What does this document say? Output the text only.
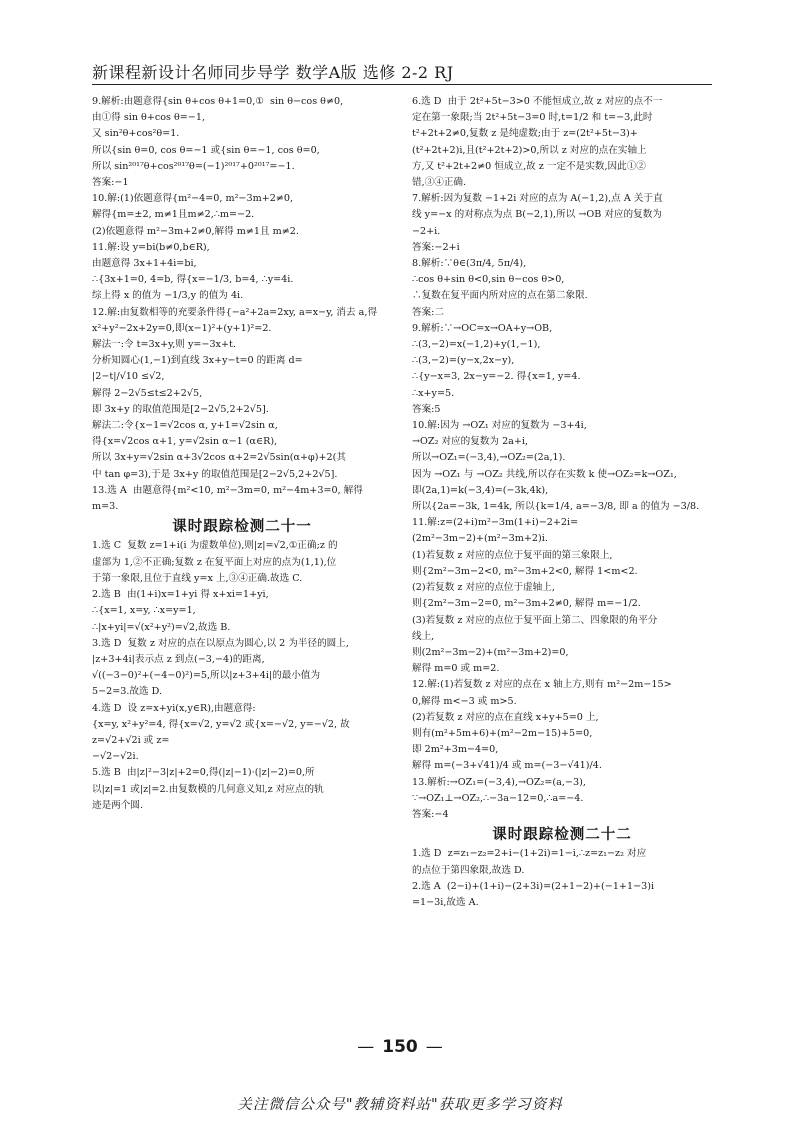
新课程新设计名师同步导学 数学A版 选修 2-2 RJ

9.解析:由题意得{sin θ+cos θ+1=0,①  sin θ−cos θ≠0,

由①得 sin θ+cos θ=−1,

又 sin²θ+cos²θ=1.

所以{sin θ=0, cos θ=−1 或{sin θ=−1, cos θ=0,

所以 sin²⁰¹⁷θ+cos²⁰¹⁷θ=(−1)²⁰¹⁷+0²⁰¹⁷=−1.

答案:−1

10.解:(1)依题意得{m²−4=0, m²−3m+2≠0,

解得{m=±2, m≠1且m≠2,∴m=−2.

(2)依题意得 m²−3m+2≠0,解得 m≠1且 m≠2.

11.解:设 y=bi(b≠0,b∈R),

由题意得 3x+1+4i=bi,

∴{3x+1=0, 4=b, 得{x=−1/3, b=4, ∴y=4i.

综上得 x 的值为 −1/3,y 的值为 4i.

12.解:由复数相等的充要条件得{−a²+2a=2xy, a=x−y, 消去 a,得

x²+y²−2x+2y=0,即(x−1)²+(y+1)²=2.

解法一:令 t=3x+y,则 y=−3x+t.

分析知圆心(1,−1)到直线 3x+y−t=0 的距离 d=

|2−t|/√10 ≤√2,

解得 2−2√5≤t≤2+2√5,

即 3x+y 的取值范围是[2−2√5,2+2√5].

解法二:令{x−1=√2cos α, y+1=√2sin α,

得{x=√2cos α+1, y=√2sin α−1 (α∈R),

所以 3x+y=√2sin α+3√2cos α+2=2√5sin(α+φ)+2(其

中 tan φ=3),于是 3x+y 的取值范围是[2−2√5,2+2√5].

13.选 A  由题意得{m²<10, m²−3m=0, m²−4m+3=0, 解得 m=3.

课时跟踪检测二十一

1.选 C  复数 z=1+i(i 为虚数单位),则|z|=√2,①正确;z 的

虚部为 1,②不正确;复数 z 在复平面上对应的点为(1,1),位

于第一象限,且位于直线 y=x 上,③④正确.故选 C.

2.选 B  由(1+i)x=1+yi 得 x+xi=1+yi,

∴{x=1, x=y, ∴x=y=1,

∴|x+yi|=√(x²+y²)=√2,故选 B.

3.选 D  复数 z 对应的点在以原点为圆心,以 2 为半径的圆上,

|z+3+4i|表示点 z 到点(−3,−4)的距离,

√((−3−0)²+(−4−0)²)=5,所以|z+3+4i|的最小值为

5−2=3.故选 D.

4.选 D  设 z=x+yi(x,y∈R),由题意得:

{x=y, x²+y²=4, 得{x=√2, y=√2 或{x=−√2, y=−√2, 故 z=√2+√2i 或 z=

−√2−√2i.

5.选 B  由|z|²−3|z|+2=0,得(|z|−1)·(|z|−2)=0,所

以|z|=1 或|z|=2.由复数模的几何意义知,z 对应点的轨

迹是两个圆.

6.选 D  由于 2t²+5t−3>0 不能恒成立,故 z 对应的点不一

定在第一象限;当 2t²+5t−3=0 时,t=1/2 和 t=−3,此时

t²+2t+2≠0,复数 z 是纯虚数;由于 z=(2t²+5t−3)+

(t²+2t+2)i,且(t²+2t+2)>0,所以 z 对应的点在实轴上

方,又 t²+2t+2≠0 恒成立,故 z 一定不是实数,因此①②

错,③④正确.

7.解析:因为复数 −1+2i 对应的点为 A(−1,2),点 A 关于直

线 y=−x 的对称点为点 B(−2,1),所以 →OB 对应的复数为

−2+i.

答案:−2+i

8.解析:∵θ∈(3π/4, 5π/4),

∴cos θ+sin θ<0,sin θ−cos θ>0,

∴复数在复平面内所对应的点在第二象限.

答案:二

9.解析:∵→OC=x→OA+y→OB,

∴(3,−2)=x(−1,2)+y(1,−1),

∴(3,−2)=(y−x,2x−y),

∴{y−x=3, 2x−y=−2. 得{x=1, y=4.

∴x+y=5.

答案:5

10.解:因为 →OZ₁ 对应的复数为 −3+4i,

→OZ₂ 对应的复数为 2a+i,

所以→OZ₁=(−3,4),→OZ₂=(2a,1).

因为 →OZ₁ 与 →OZ₂ 共线,所以存在实数 k 使→OZ₂=k→OZ₁,

即(2a,1)=k(−3,4)=(−3k,4k),

所以{2a=−3k, 1=4k, 所以{k=1/4, a=−3/8, 即 a 的值为 −3/8.

11.解:z=(2+i)m²−3m(1+i)−2+2i=

(2m²−3m−2)+(m²−3m+2)i.

(1)若复数 z 对应的点位于复平面的第三象限上,

则{2m²−3m−2<0, m²−3m+2<0, 解得 1<m<2.

(2)若复数 z 对应的点位于虚轴上,

则{2m²−3m−2=0, m²−3m+2≠0, 解得 m=−1/2.

(3)若复数 z 对应的点位于复平面上第二、四象限的角平分

线上,

则(2m²−3m−2)+(m²−3m+2)=0,

解得 m=0 或 m=2.

12.解:(1)若复数 z 对应的点在 x 轴上方,则有 m²−2m−15>

0,解得 m<−3 或 m>5.

(2)若复数 z 对应的点在直线 x+y+5=0 上,

则有(m²+5m+6)+(m²−2m−15)+5=0,

即 2m²+3m−4=0,

解得 m=(−3+√41)/4 或 m=(−3−√41)/4.

13.解析:→OZ₁=(−3,4),→OZ₂=(a,−3),

∵→OZ₁⊥→OZ₂,∴−3a−12=0,∴a=−4.

答案:−4

课时跟踪检测二十二

1.选 D  z=z₁−z₂=2+i−(1+2i)=1−i,∴z=z₁−z₂ 对应

的点位于第四象限,故选 D.

2.选 A  (2−i)+(1+i)−(2+3i)=(2+1−2)+(−1+1−3)i

=1−3i,故选 A.

— 150 —
关注微信公众号"教辅资料站"获取更多学习资料
